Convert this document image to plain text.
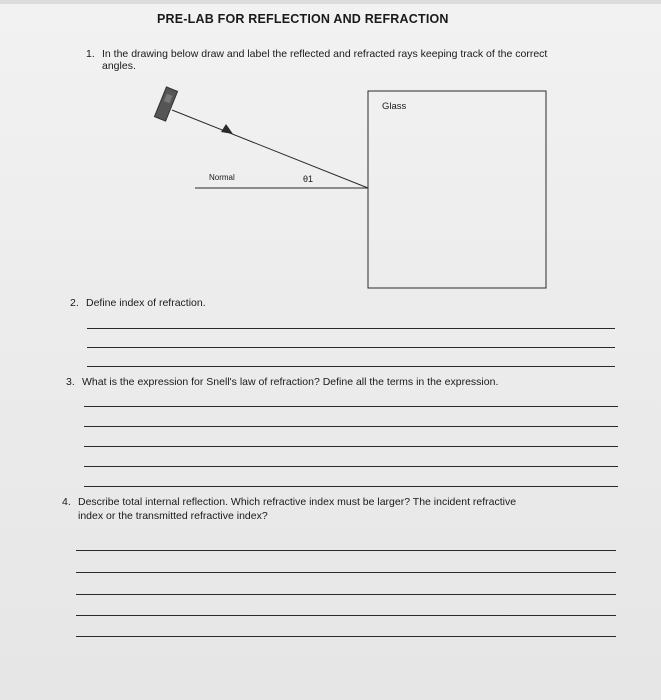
PRE-LAB FOR REFLECTION AND REFRACTION
1. In the drawing below draw and label the reflected and refracted rays keeping track of the correct
angles.
Glass
Normal	θ1
2. Define index of refraction.
3. What is the expression for Snell's law of refraction? Define all the terms in the expression.
4. Describe total internal reflection. Which refractive index must be larger? The incident refractive
index or the transmitted refractive index?
